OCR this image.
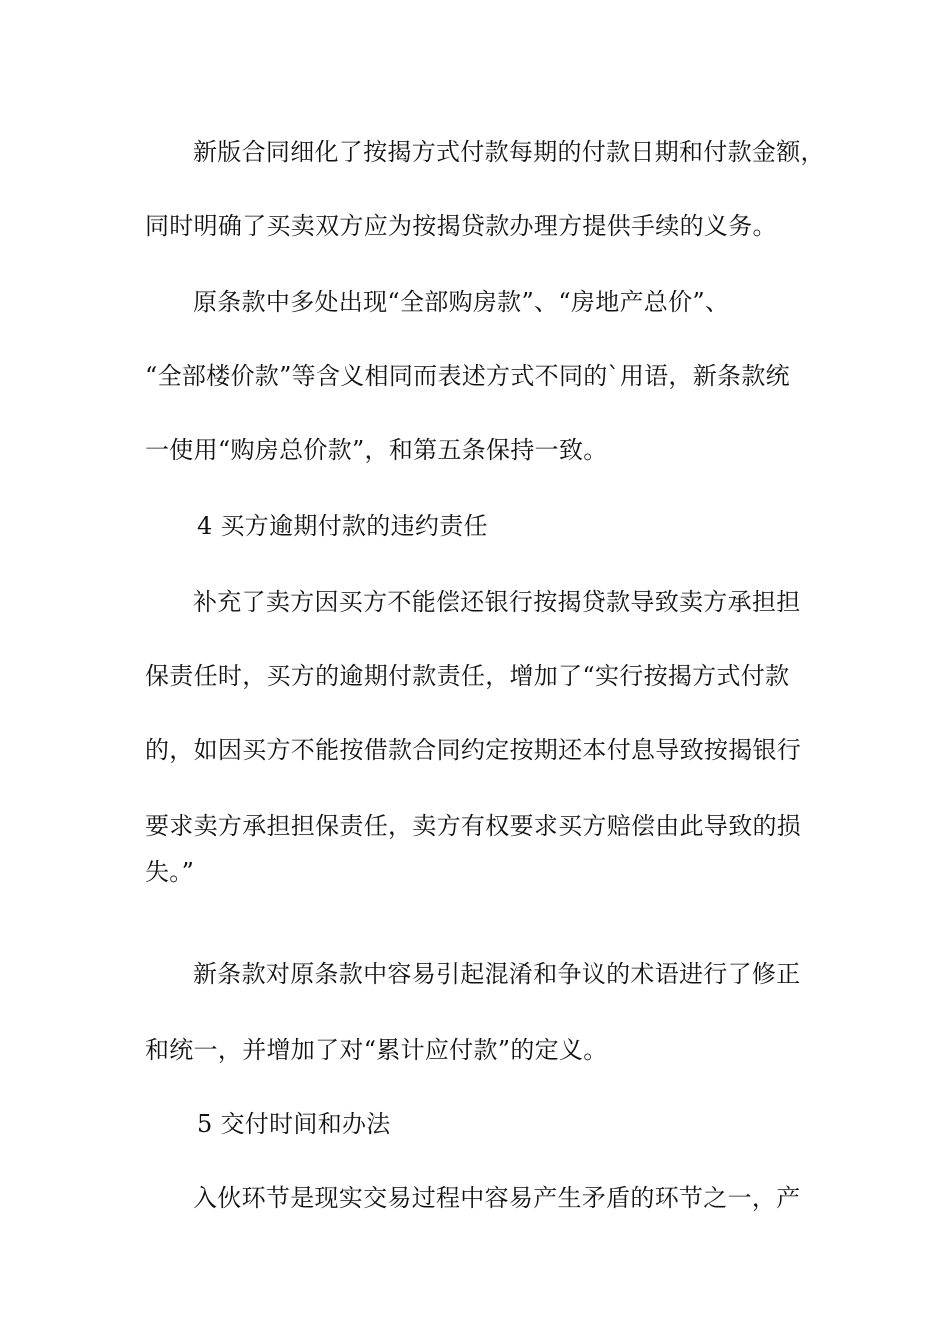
新版合同细化了按揭方式付款每期的付款日期和付款金额，
同时明确了买卖双方应为按揭贷款办理方提供手续的义务。
原条款中多处出现“全部购房款”、“房地产总价”、
“全部楼价款”等含义相同而表述方式不同的`用语，新条款统
一使用“购房总价款”，和第五条保持一致。
4 买方逾期付款的违约责任
补充了卖方因买方不能偿还银行按揭贷款导致卖方承担担
保责任时，买方的逾期付款责任，增加了“实行按揭方式付款
的，如因买方不能按借款合同约定按期还本付息导致按揭银行
要求卖方承担担保责任，卖方有权要求买方赔偿由此导致的损
失。”
新条款对原条款中容易引起混淆和争议的术语进行了修正
和统一，并增加了对“累计应付款”的定义。
5 交付时间和办法
入伙环节是现实交易过程中容易产生矛盾的环节之一，产
